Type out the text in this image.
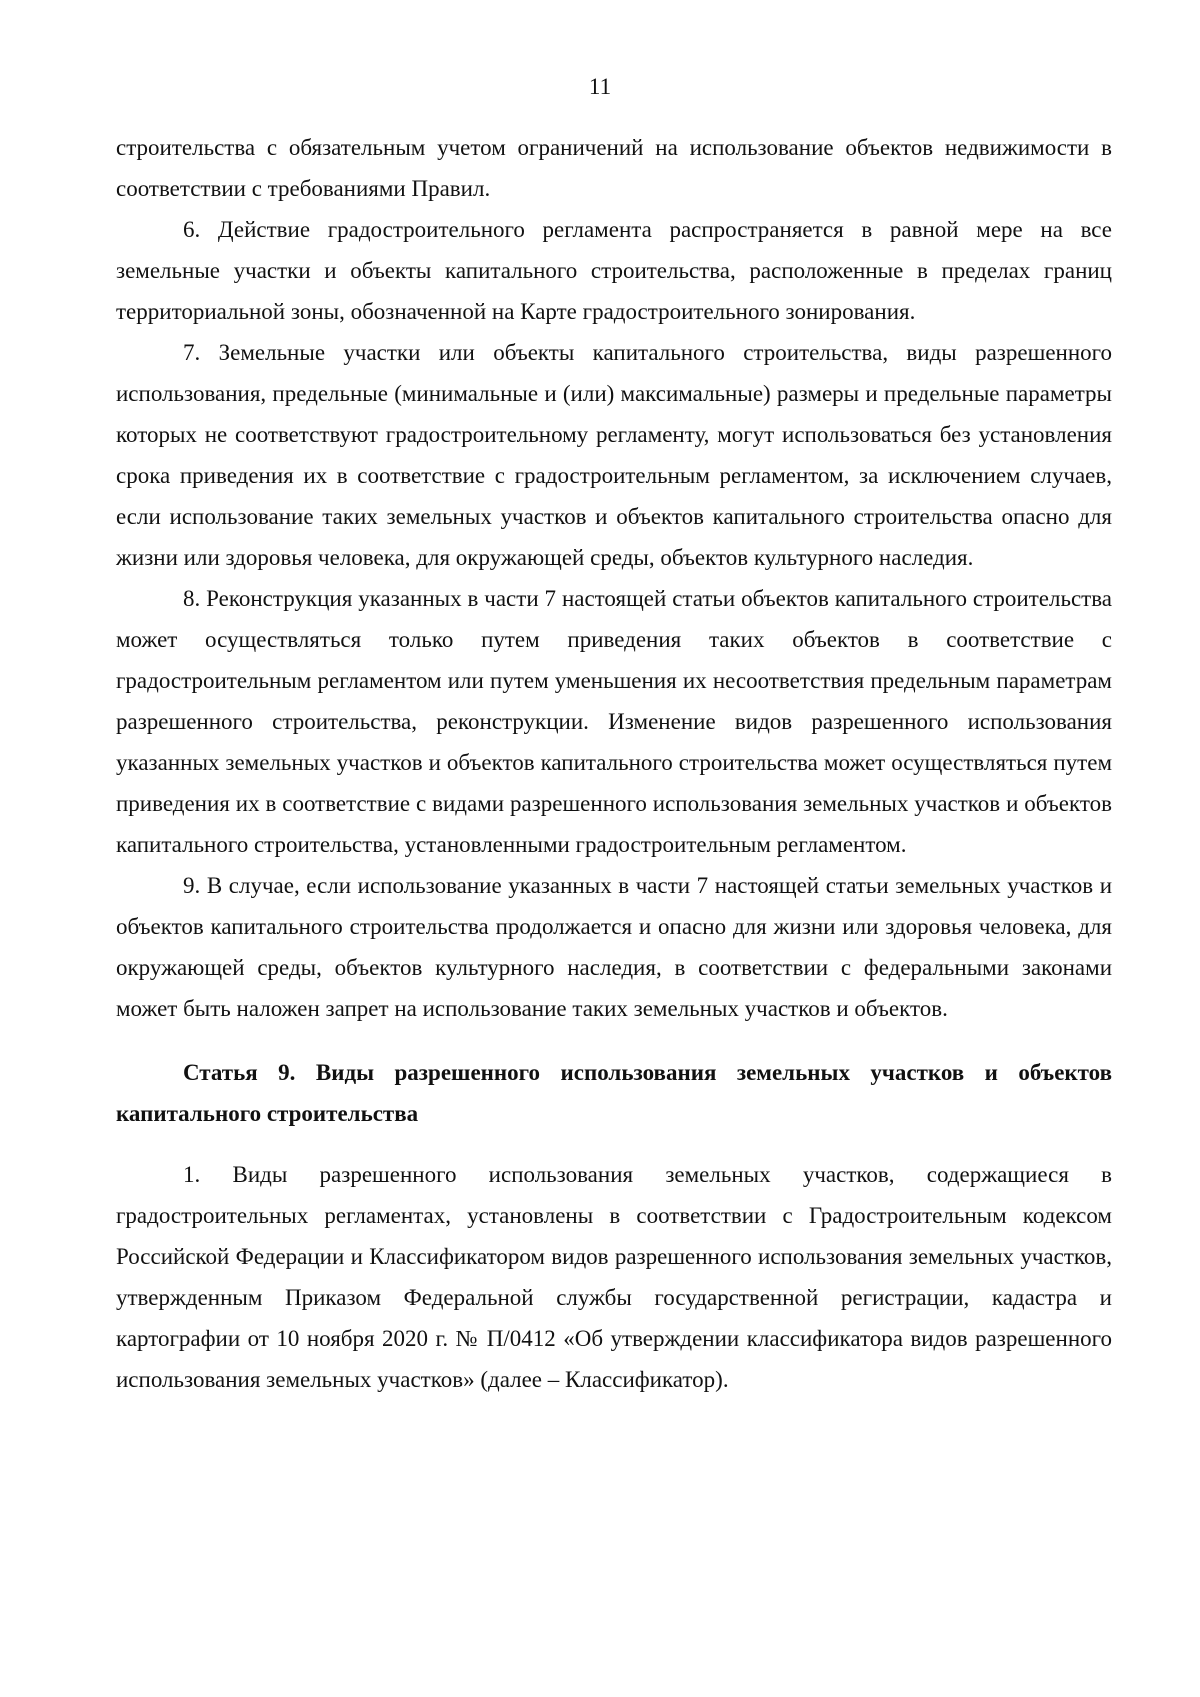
11

строительства с обязательным учетом ограничений на использование объектов недвижимости в соответствии с требованиями Правил.

6. Действие градостроительного регламента распространяется в равной мере на все земельные участки и объекты капитального строительства, расположенные в пределах границ территориальной зоны, обозначенной на Карте градостроительного зонирования.

7. Земельные участки или объекты капитального строительства, виды разрешенного использования, предельные (минимальные и (или) максимальные) размеры и предельные параметры которых не соответствуют градостроительному регламенту, могут использоваться без установления срока приведения их в соответствие с градостроительным регламентом, за исключением случаев, если использование таких земельных участков и объектов капитального строительства опасно для жизни или здоровья человека, для окружающей среды, объектов культурного наследия.

8. Реконструкция указанных в части 7 настоящей статьи объектов капитального строительства может осуществляться только путем приведения таких объектов в соответствие с градостроительным регламентом или путем уменьшения их несоответствия предельным параметрам разрешенного строительства, реконструкции. Изменение видов разрешенного использования указанных земельных участков и объектов капитального строительства может осуществляться путем приведения их в соответствие с видами разрешенного использования земельных участков и объектов капитального строительства, установленными градостроительным регламентом.

9. В случае, если использование указанных в части 7 настоящей статьи земельных участков и объектов капитального строительства продолжается и опасно для жизни или здоровья человека, для окружающей среды, объектов культурного наследия, в соответствии с федеральными законами может быть наложен запрет на использование таких земельных участков и объектов.

Статья 9. Виды разрешенного использования земельных участков и объектов капитального строительства

1. Виды разрешенного использования земельных участков, содержащиеся в градостроительных регламентах, установлены в соответствии с Градостроительным кодексом Российской Федерации и Классификатором видов разрешенного использования земельных участков, утвержденным Приказом Федеральной службы государственной регистрации, кадастра и картографии от 10 ноября 2020 г. № П/0412 «Об утверждении классификатора видов разрешенного использования земельных участков» (далее – Классификатор).
